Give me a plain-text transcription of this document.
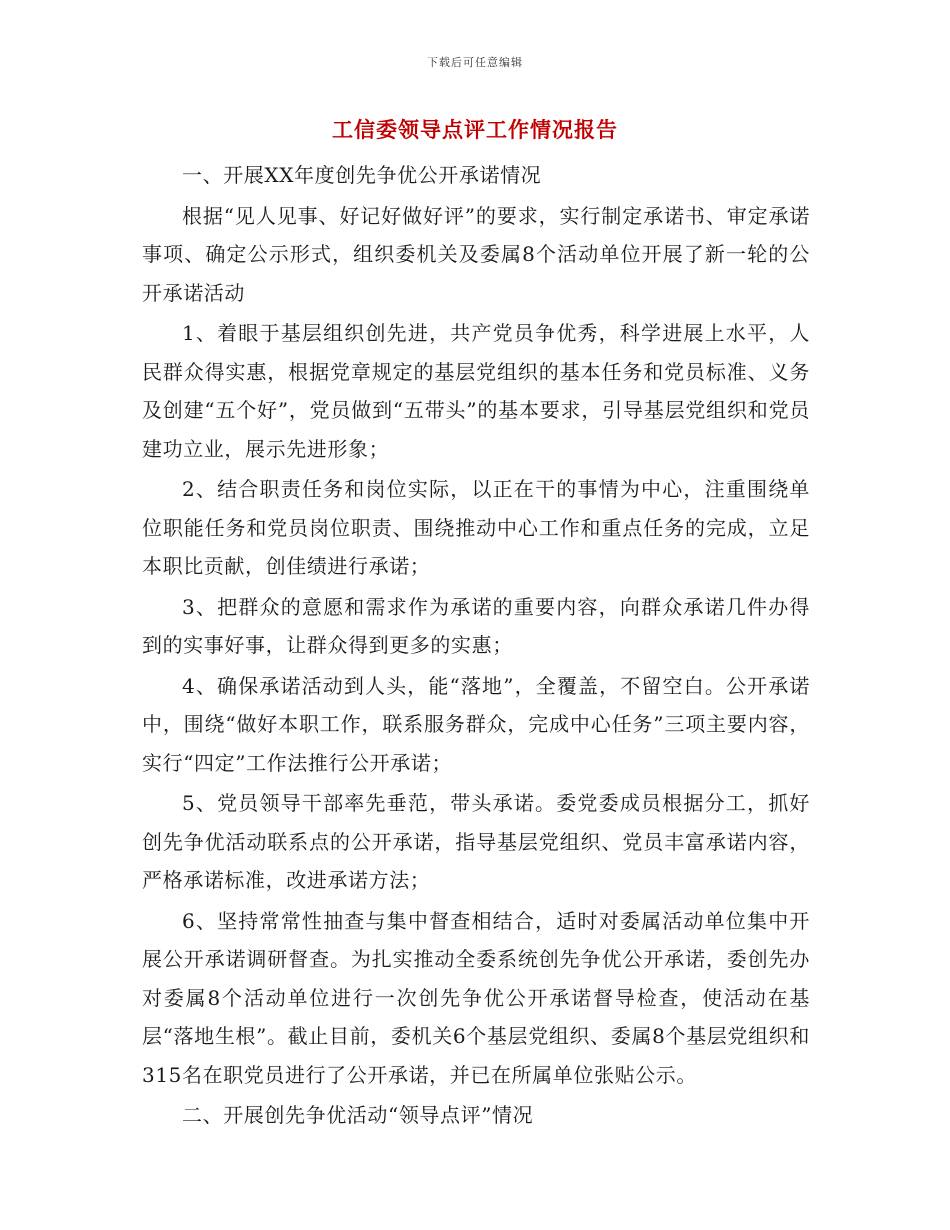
下载后可任意编辑
工信委领导点评工作情况报告

一、开展XX年度创先争优公开承诺情况

根据“见人见事、好记好做好评”的要求，实行制定承诺书、审定承诺事项、确定公示形式，组织委机关及委属8个活动单位开展了新一轮的公开承诺活动

1、着眼于基层组织创先进，共产党员争优秀，科学进展上水平，人民群众得实惠，根据党章规定的基层党组织的基本任务和党员标准、义务及创建“五个好”，党员做到“五带头”的基本要求，引导基层党组织和党员建功立业，展示先进形象；

2、结合职责任务和岗位实际，以正在干的事情为中心，注重围绕单位职能任务和党员岗位职责、围绕推动中心工作和重点任务的完成，立足本职比贡献，创佳绩进行承诺；

3、把群众的意愿和需求作为承诺的重要内容，向群众承诺几件办得到的实事好事，让群众得到更多的实惠；

4、确保承诺活动到人头，能“落地”，全覆盖，不留空白。公开承诺中，围绕“做好本职工作，联系服务群众，完成中心任务”三项主要内容，实行“四定”工作法推行公开承诺；

5、党员领导干部率先垂范，带头承诺。委党委成员根据分工，抓好创先争优活动联系点的公开承诺，指导基层党组织、党员丰富承诺内容，严格承诺标准，改进承诺方法；

6、坚持常常性抽查与集中督查相结合，适时对委属活动单位集中开展公开承诺调研督查。为扎实推动全委系统创先争优公开承诺，委创先办对委属8个活动单位进行一次创先争优公开承诺督导检查，使活动在基层“落地生根”。截止目前，委机关6个基层党组织、委属8个基层党组织和315名在职党员进行了公开承诺，并已在所属单位张贴公示。

二、开展创先争优活动“领导点评”情况
